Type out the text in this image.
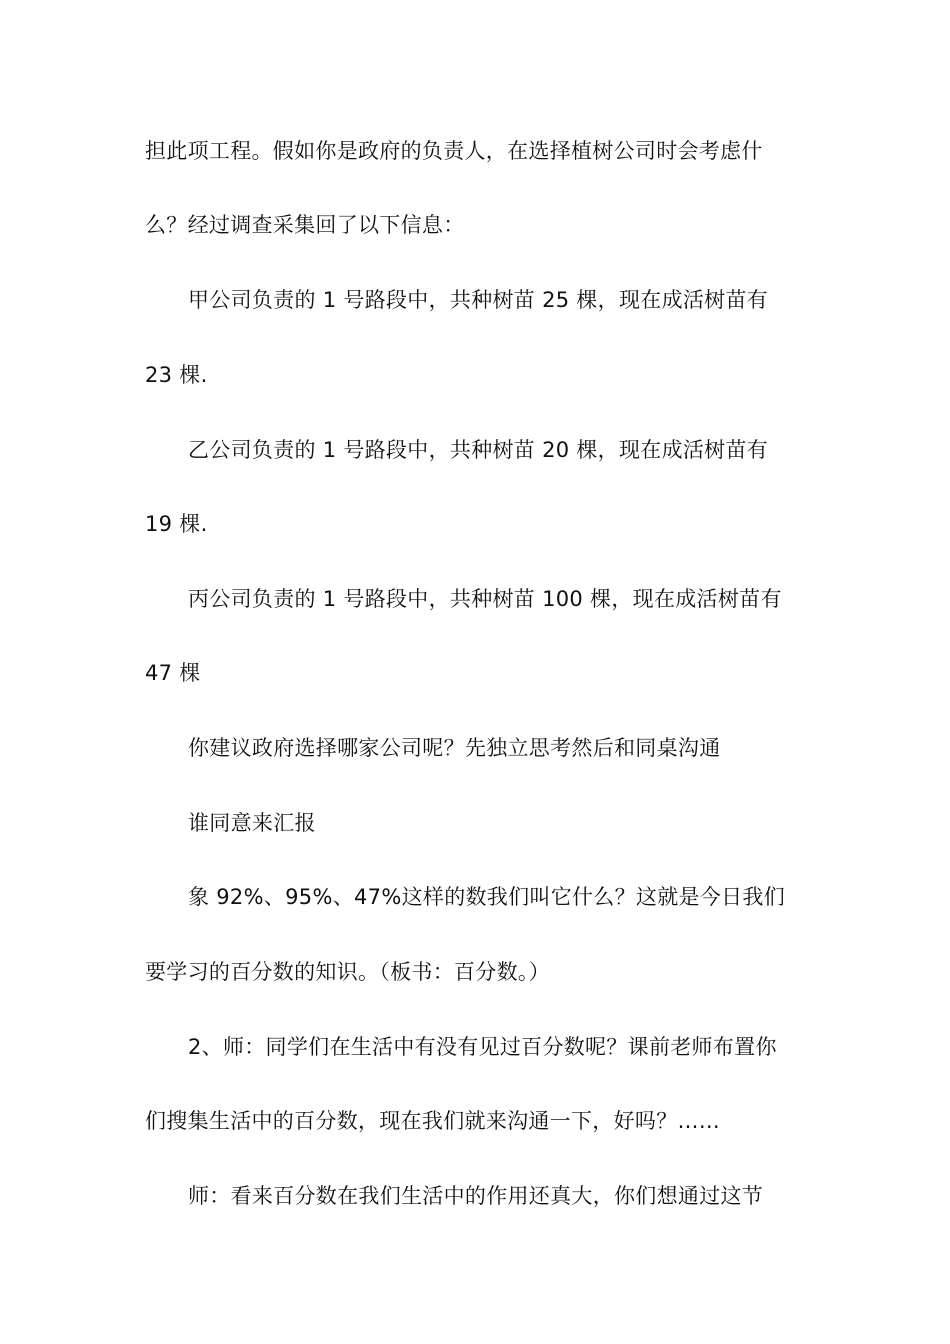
担此项工程。假如你是政府的负责人，在选择植树公司时会考虑什
么？经过调查采集回了以下信息：
甲公司负责的 1 号路段中，共种树苗 25 棵，现在成活树苗有
23 棵.
乙公司负责的 1 号路段中，共种树苗 20 棵，现在成活树苗有
19 棵.
丙公司负责的 1 号路段中，共种树苗 100 棵，现在成活树苗有
47 棵
你建议政府选择哪家公司呢？先独立思考然后和同桌沟通
谁同意来汇报
象 92%、95%、47%这样的数我们叫它什么？这就是今日我们
要学习的百分数的知识。（板书：百分数。）
2、师：同学们在生活中有没有见过百分数呢？课前老师布置你
们搜集生活中的百分数，现在我们就来沟通一下，好吗？……
师：看来百分数在我们生活中的作用还真大，你们想通过这节
